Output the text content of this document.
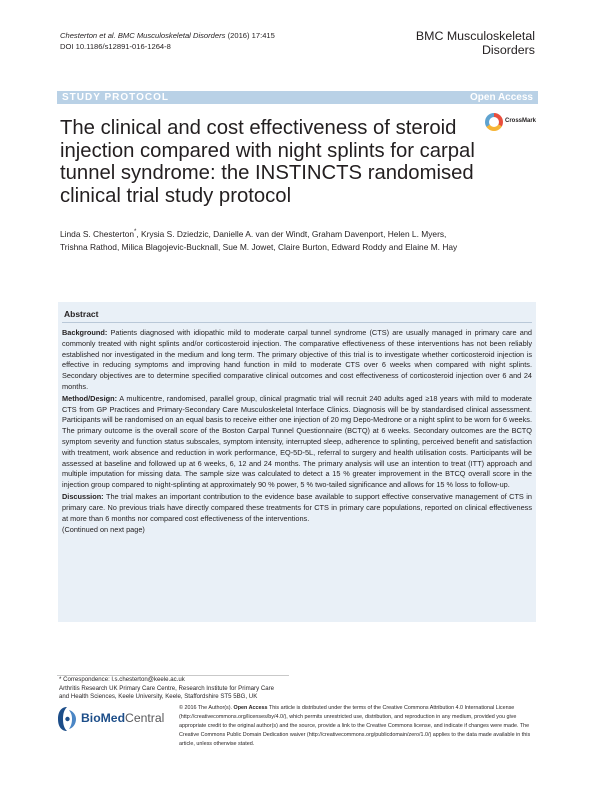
Chesterton et al. BMC Musculoskeletal Disorders (2016) 17:415
DOI 10.1186/s12891-016-1264-8
BMC Musculoskeletal
Disorders
STUDY PROTOCOL	Open Access
The clinical and cost effectiveness of steroid injection compared with night splints for carpal tunnel syndrome: the INSTINCTS randomised clinical trial study protocol
CrossMark
Linda S. Chesterton*, Krysia S. Dziedzic, Danielle A. van der Windt, Graham Davenport, Helen L. Myers,
Trishna Rathod, Milica Blagojevic-Bucknall, Sue M. Jowet, Claire Burton, Edward Roddy and Elaine M. Hay
Abstract

Background: Patients diagnosed with idiopathic mild to moderate carpal tunnel syndrome (CTS) are usually managed in primary care and commonly treated with night splints and/or corticosteroid injection. The comparative effectiveness of these interventions has not been reliably established nor investigated in the medium and long term. The primary objective of this trial is to investigate whether corticosteroid injection is effective in reducing symptoms and improving hand function in mild to moderate CTS over 6 weeks when compared with night splints. Secondary objectives are to determine specified comparative clinical outcomes and cost effectiveness of corticosteroid injection over 6 and 24 months.

Method/Design: A multicentre, randomised, parallel group, clinical pragmatic trial will recruit 240 adults aged ≥18 years with mild to moderate CTS from GP Practices and Primary-Secondary Care Musculoskeletal Interface Clinics. Diagnosis will be by standardised clinical assessment. Participants will be randomised on an equal basis to receive either one injection of 20 mg Depo-Medrone or a night splint to be worn for 6 weeks. The primary outcome is the overall score of the Boston Carpal Tunnel Questionnaire (BCTQ) at 6 weeks. Secondary outcomes are the BCTQ symptom severity and function status subscales, symptom intensity, interrupted sleep, adherence to splinting, perceived benefit and satisfaction with treatment, work absence and reduction in work performance, EQ-5D-5L, referral to surgery and health utilisation costs. Participants will be assessed at baseline and followed up at 6 weeks, 6, 12 and 24 months. The primary analysis will use an intention to treat (ITT) approach and multiple imputation for missing data. The sample size was calculated to detect a 15 % greater improvement in the BTCQ overall score in the injection group compared to night-splinting at approximately 90 % power, 5 % two-tailed significance and allows for 15 % loss to follow-up.

Discussion: The trial makes an important contribution to the evidence base available to support effective conservative management of CTS in primary care. No previous trials have directly compared these treatments for CTS in primary care populations, reported on clinical effectiveness at more than 6 months nor compared cost effectiveness of the interventions.

(Continued on next page)

* Correspondence: l.s.chesterton@keele.ac.uk
Arthritis Research UK Primary Care Centre, Research Institute for Primary Care
and Health Sciences, Keele University, Keele, Staffordshire ST5 5BG, UK
BioMedCentral
© 2016 The Author(s). Open Access This article is distributed under the terms of the Creative Commons Attribution 4.0 International License (http://creativecommons.org/licenses/by/4.0/), which permits unrestricted use, distribution, and reproduction in any medium, provided you give appropriate credit to the original author(s) and the source, provide a link to the Creative Commons license, and indicate if changes were made. The Creative Commons Public Domain Dedication waiver (http://creativecommons.org/publicdomain/zero/1.0/) applies to the data made available in this article, unless otherwise stated.
